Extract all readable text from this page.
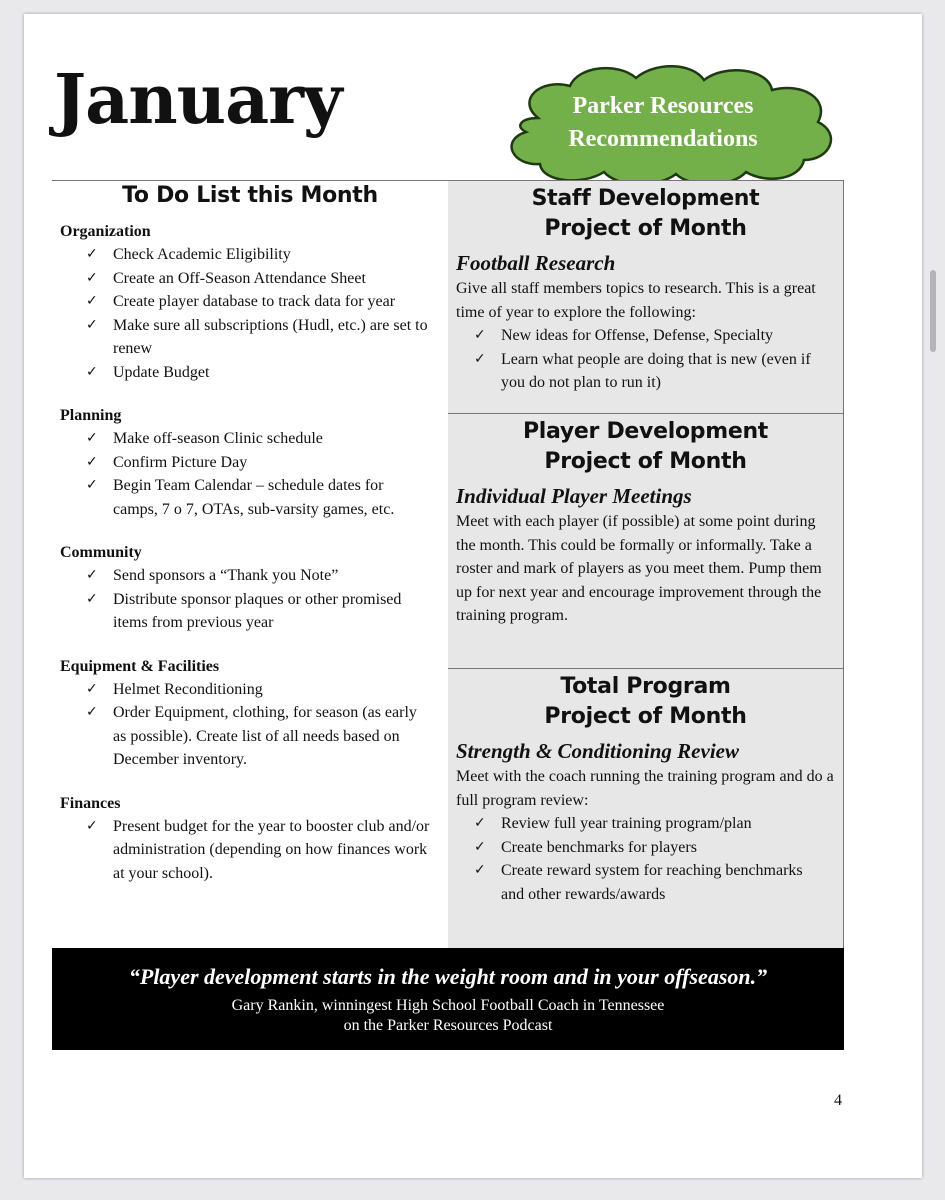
January	Parker Resources
Recommendations
To Do List this Month
Organization
✓ Check Academic Eligibility
✓ Create an Off-Season Attendance Sheet
✓ Create player database to track data for year
✓ Make sure all subscriptions (Hudl, etc.) are set to renew
✓ Update Budget
Planning
✓ Make off-season Clinic schedule
✓ Confirm Picture Day
✓ Begin Team Calendar – schedule dates for camps, 7 o 7, OTAs, sub-varsity games, etc.
Community
✓ Send sponsors a “Thank you Note”
✓ Distribute sponsor plaques or other promised items from previous year
Equipment & Facilities
✓ Helmet Reconditioning
✓ Order Equipment, clothing, for season (as early as possible). Create list of all needs based on December inventory.
Finances
✓ Present budget for the year to booster club and/or administration (depending on how finances work at your school).
Staff Development
Project of Month
Football Research
Give all staff members topics to research. This is a great time of year to explore the following:
✓ New ideas for Offense, Defense, Specialty
✓ Learn what people are doing that is new (even if you do not plan to run it)
Player Development
Project of Month
Individual Player Meetings
Meet with each player (if possible) at some point during the month. This could be formally or informally. Take a roster and mark of players as you meet them. Pump them up for next year and encourage improvement through the training program.
Total Program
Project of Month
Strength & Conditioning Review
Meet with the coach running the training program and do a full program review:
✓ Review full year training program/plan
✓ Create benchmarks for players
✓ Create reward system for reaching benchmarks and other rewards/awards
“Player development starts in the weight room and in your offseason.”
Gary Rankin, winningest High School Football Coach in Tennessee
on the Parker Resources Podcast
4
